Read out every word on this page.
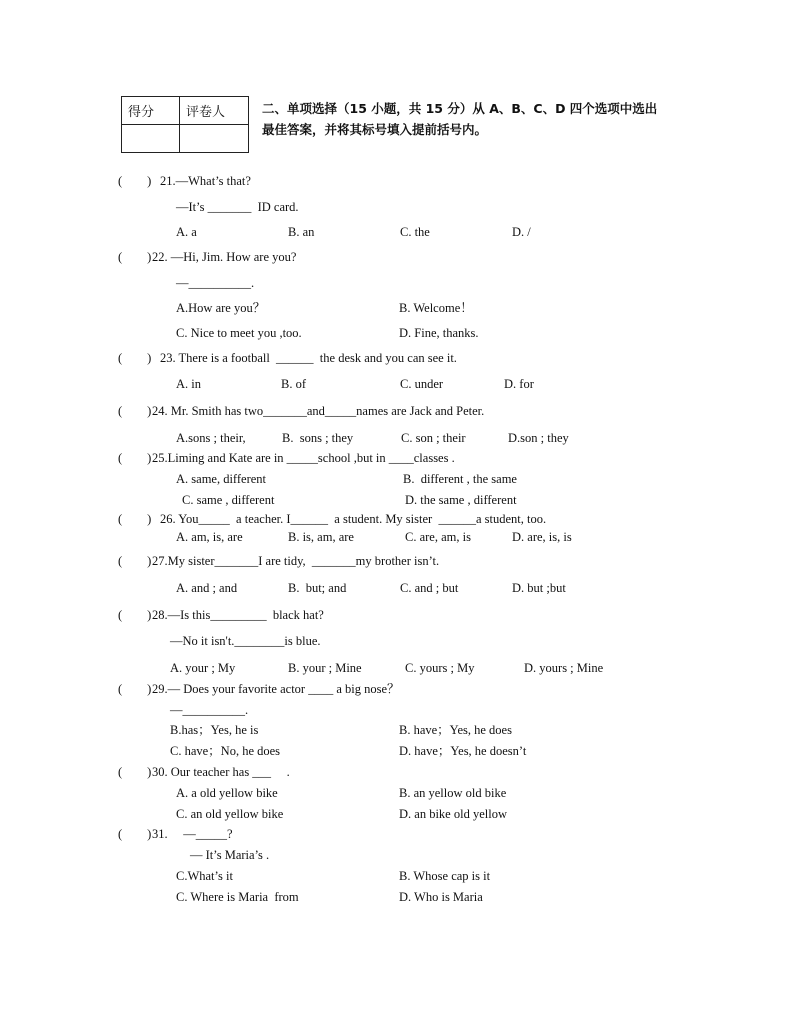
得分	评卷人
		二、单项选择（15 小题，共 15 分）从 A、B、C、D 四个选项中选出
最佳答案，并将其标号填入提前括号内。
(        ) 21.—What’s that?
—It’s _______  ID card.
A. a	B. an	C. the	D. /
(        ) 22. —Hi, Jim. How are you?
—__________.
A.How are you？	B. Welcome！
C. Nice to meet you ,too.	D. Fine, thanks.
(        ) 23. There is a football  ______  the desk and you can see it.
A. in	B. of	C. under	D. for
(        ) 24. Mr. Smith has two_______and_____names are Jack and Peter.
A.sons ; their,	B.  sons ; they	C. son ; their	D.son ; they
(        ) 25.Liming and Kate are in _____school ,but in ____classes .
A. same, different	B.  different , the same
C. same , different	D. the same , different
(        ) 26. You_____  a teacher. I______  a student. My sister  ______a student, too.
A. am, is, are	B. is, am, are	C. are, am, is	D. are, is, is
(        ) 27.My sister_______I are tidy,  _______my brother isn’t.
A. and ; and	B.  but; and	C. and ; but	D. but ;but
(        ) 28.—Is this_________  black hat?
—No it isn't.________is blue.
A. your ; My	B. your ; Mine	C. yours ; My	D. yours ; Mine
(        ) 29.— Does your favorite actor ____ a big nose？
—__________.
B.has；Yes, he is	B. have；Yes, he does
C. have；No, he does	D. have；Yes, he doesn’t
(        ) 30. Our teacher has ___     .
A. a old yellow bike	B. an yellow old bike
C. an old yellow bike	D. an bike old yellow
(        ) 31.     —_____?
— It’s Maria’s .
C.What’s it	B. Whose cap is it
C. Where is Maria  from	D. Who is Maria
